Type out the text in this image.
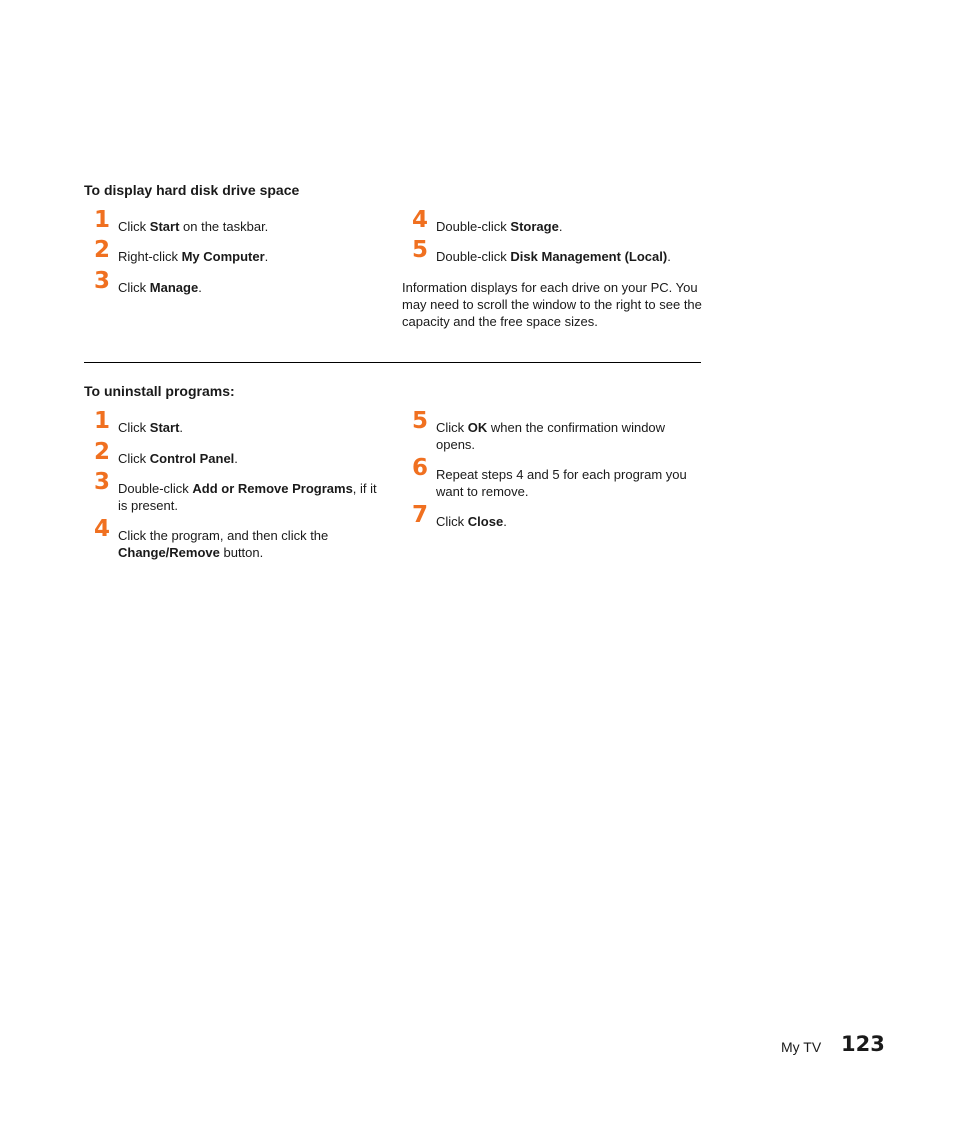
To display hard disk drive space
1 Click Start on the taskbar.
2 Right-click My Computer.
3 Click Manage.
4 Double-click Storage.
5 Double-click Disk Management (Local).

Information displays for each drive on your PC. You may need to scroll the window to the right to see the capacity and the free space sizes.

To uninstall programs:
1 Click Start.
2 Click Control Panel.
3 Double-click Add or Remove Programs, if it is present.
4 Click the program, and then click the Change/Remove button.
5 Click OK when the confirmation window opens.
6 Repeat steps 4 and 5 for each program you want to remove.
7 Click Close.
My TV 123
